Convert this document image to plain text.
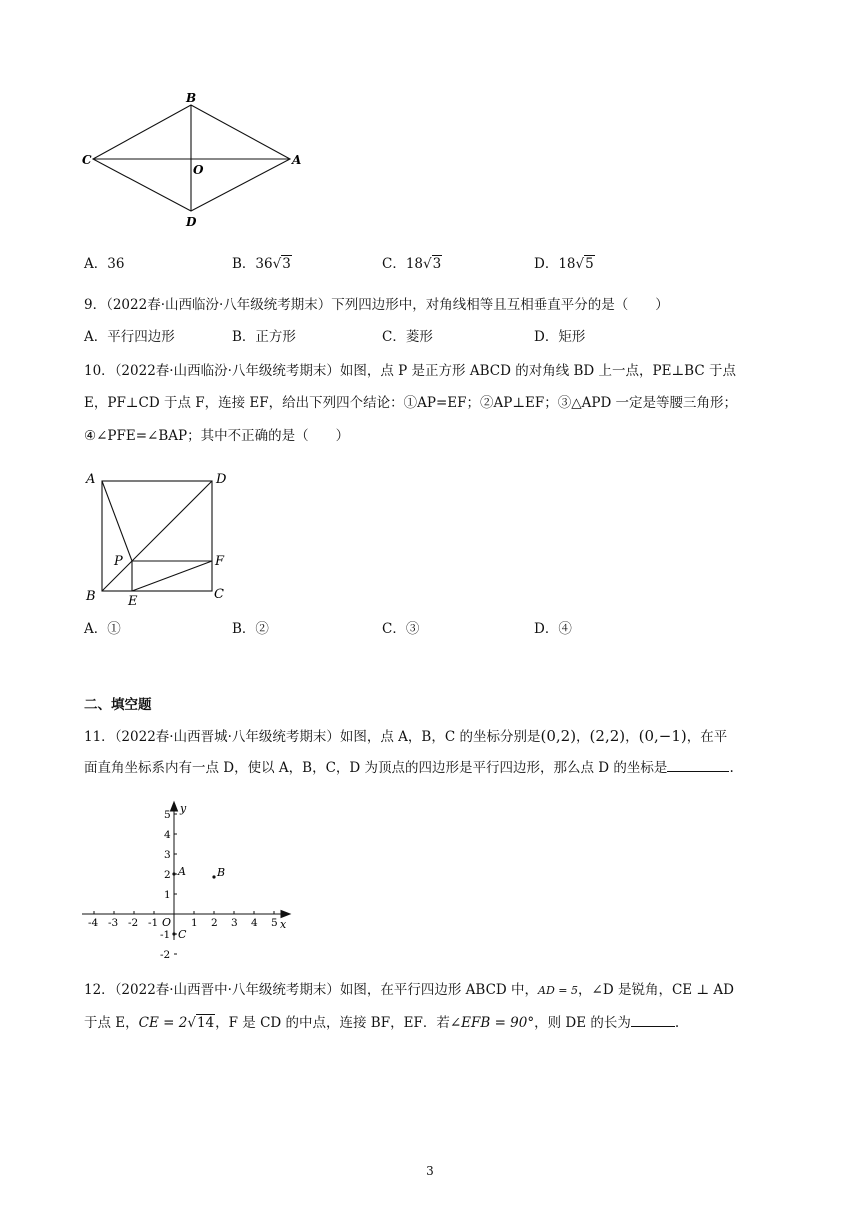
B
C
O
A
D
A．36	B．36√3	C．18√3	D．18√5
9．（2022春·山西临汾·八年级统考期末）下列四边形中，对角线相等且互相垂直平分的是（　　）
A．平行四边形	B．正方形	C．菱形	D．矩形
10．（2022春·山西临汾·八年级统考期末）如图，点 P 是正方形 ABCD 的对角线 BD 上一点，PE⊥BC 于点
E，PF⊥CD 于点 F，连接 EF，给出下列四个结论：①AP=EF；②AP⊥EF；③△APD 一定是等腰三角形；
④∠PFE=∠BAP；其中不正确的是（　　）
A	D
P	F
B E	C
A．①	B．②	C．③	D．④
二、填空题
11．（2022春·山西晋城·八年级统考期末）如图，点 A，B，C 的坐标分别是(0,2)，(2,2)，(0,−1)，在平
面直角坐标系内有一点 D，使以 A，B，C，D 为顶点的四边形是平行四边形，那么点 D 的坐标是	.
-4 -3 -2 -1	1 2 3 4 5
5
4
3
2
1
-1
-2
y
x
O
A	B
C
12．（2022春·山西晋中·八年级统考期末）如图，在平行四边形 ABCD 中，AD = 5，∠D 是锐角，CE ⊥ AD
于点 E，CE = 2√14，F 是 CD 的中点，连接 BF，EF．若∠EFB = 90°，则 DE 的长为	.
3
